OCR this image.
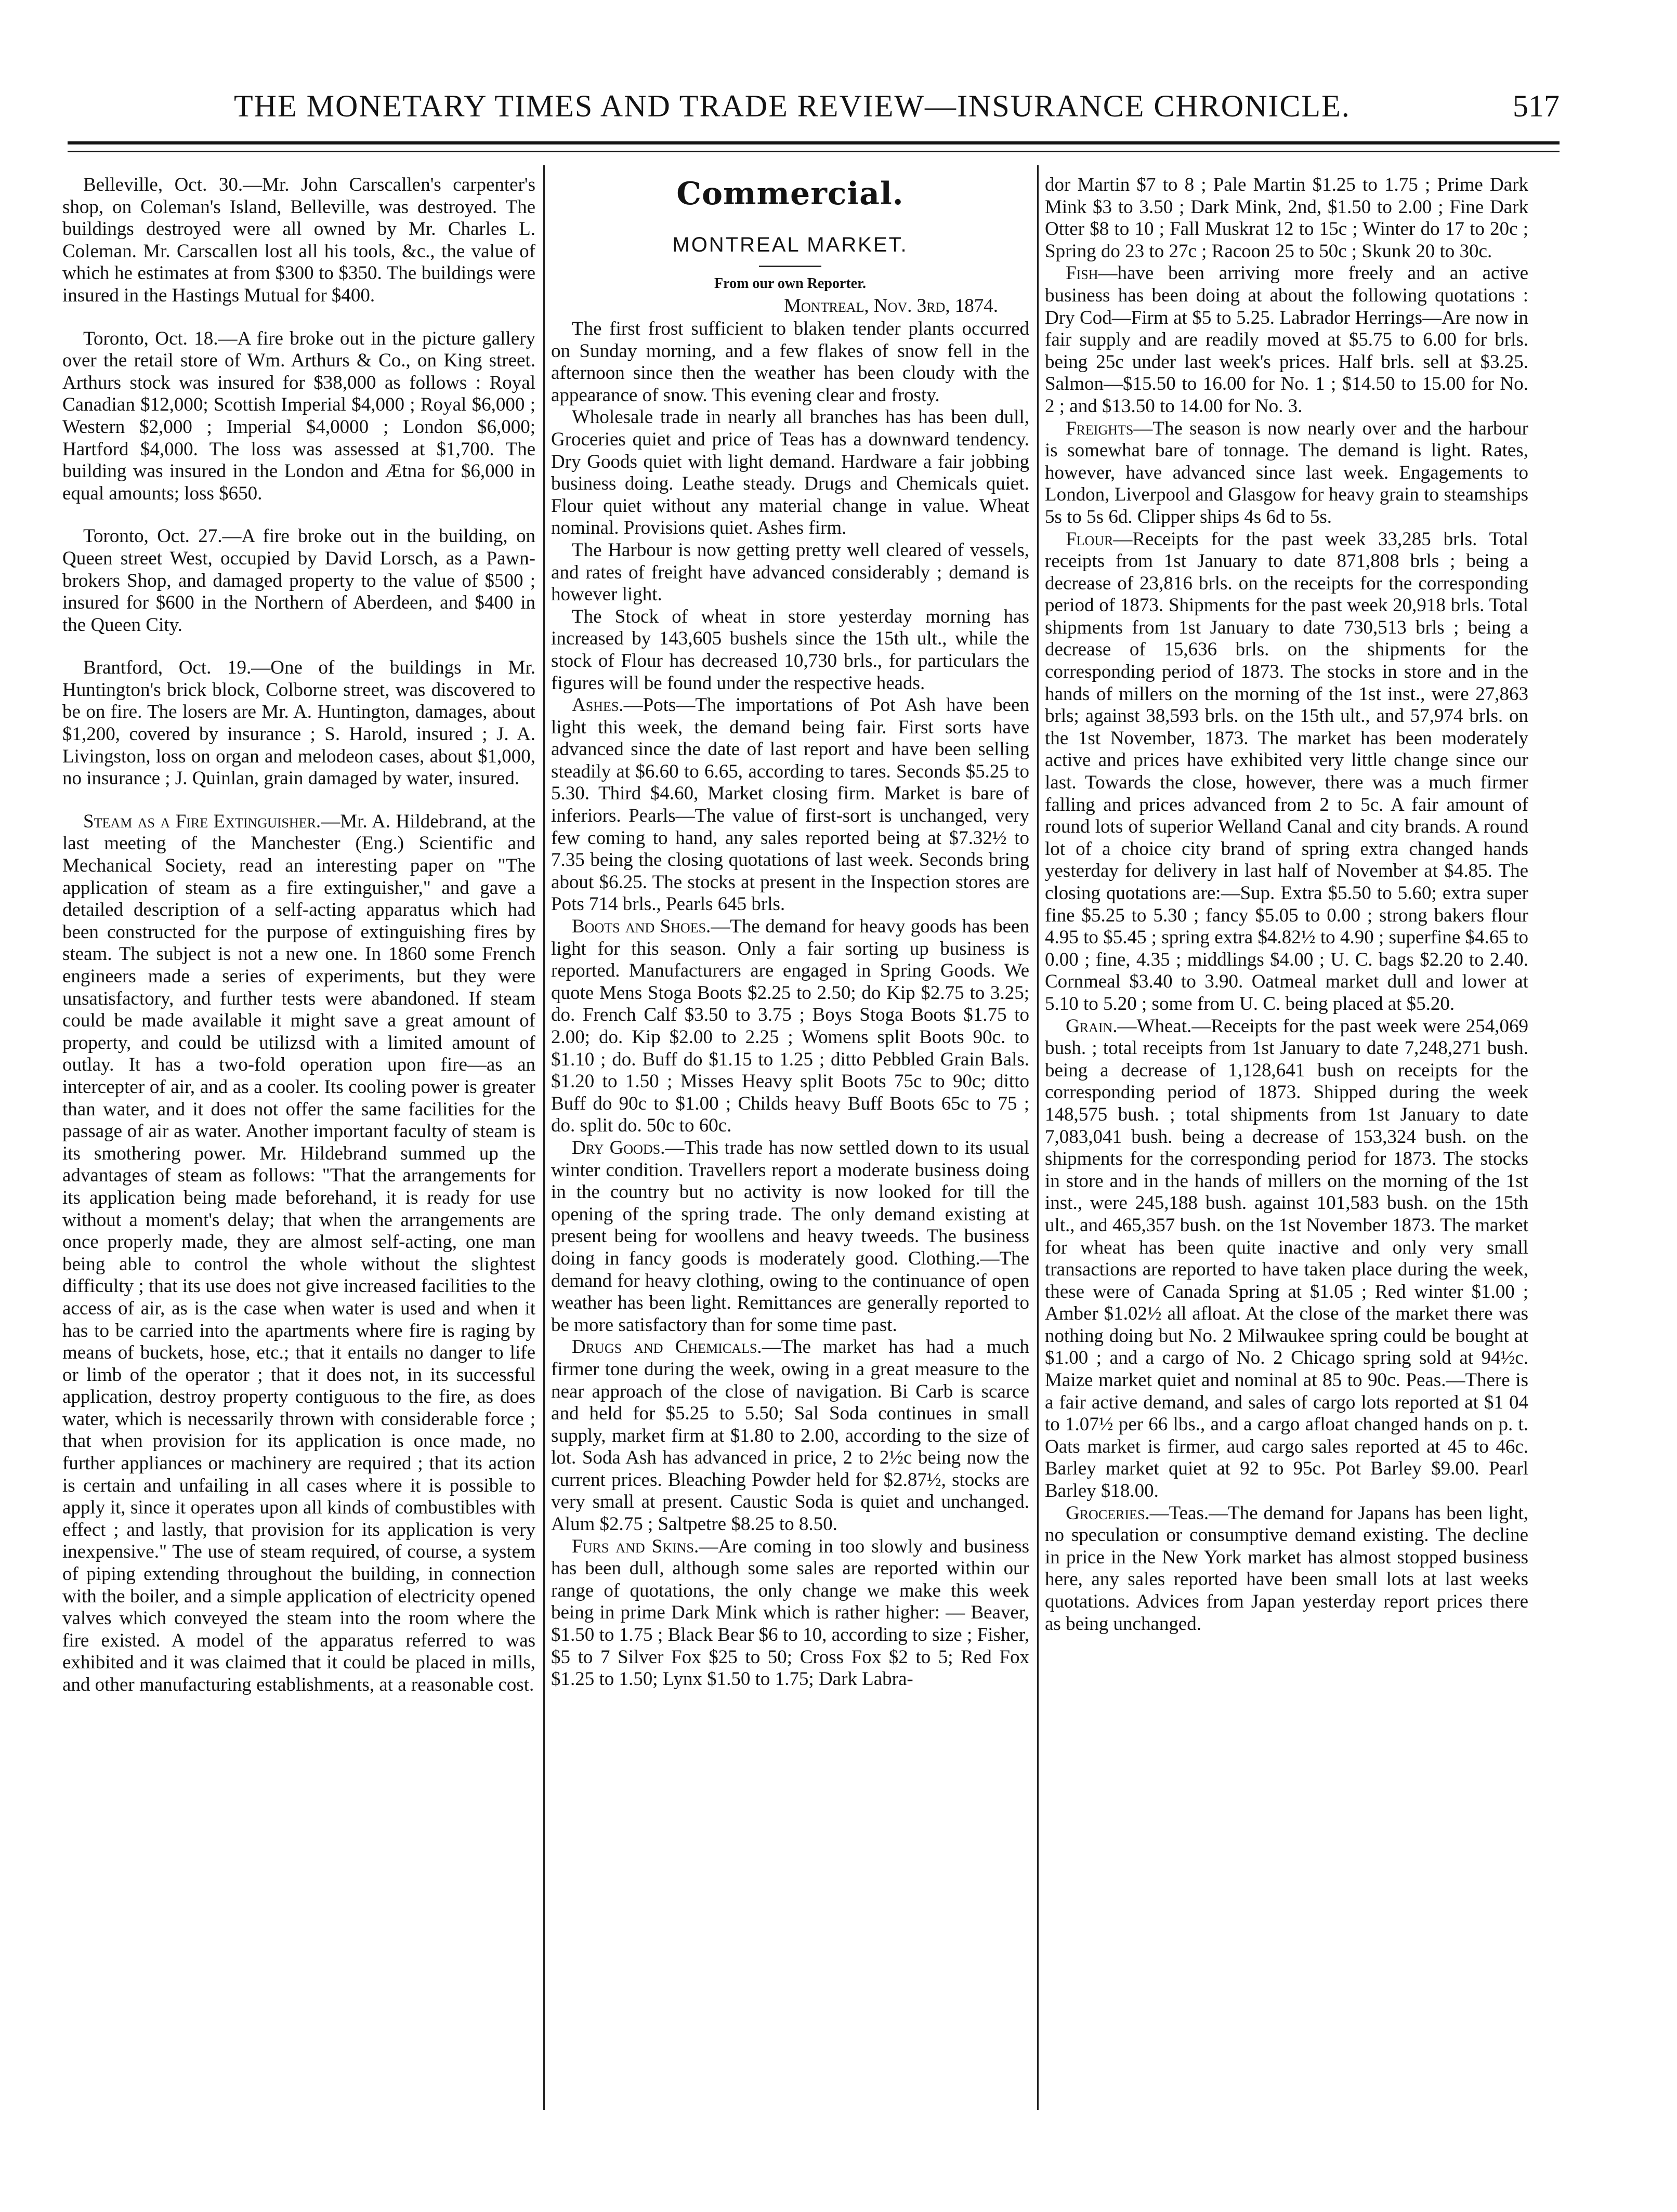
THE MONETARY TIMES AND TRADE REVIEW—INSURANCE CHRONICLE.	517

Belleville, Oct. 30.—Mr. John Carscallen's carpenter's shop, on Coleman's Island, Belleville, was destroyed. The buildings destroyed were all owned by Mr. Charles L. Coleman. Mr. Carscallen lost all his tools, &c., the value of which he estimates at from $300 to $350. The buildings were insured in the Hastings Mutual for $400.

Toronto, Oct. 18.—A fire broke out in the picture gallery over the retail store of Wm. Arthurs & Co., on King street. Arthurs stock was insured for $38,000 as follows : Royal Canadian $12,000; Scottish Imperial $4,000 ; Royal $6,000 ; Western $2,000 ; Imperial $4,0000 ; London $6,000; Hartford $4,000. The loss was assessed at $1,700. The building was insured in the London and Ætna for $6,000 in equal amounts; loss $650.

Toronto, Oct. 27.—A fire broke out in the building, on Queen street West, occupied by David Lorsch, as a Pawn-brokers Shop, and damaged property to the value of $500 ; insured for $600 in the Northern of Aberdeen, and $400 in the Queen City.

Brantford, Oct. 19.—One of the buildings in Mr. Huntington's brick block, Colborne street, was discovered to be on fire. The losers are Mr. A. Huntington, damages, about $1,200, covered by insurance ; S. Harold, insured ; J. A. Livingston, loss on organ and melodeon cases, about $1,000, no insurance ; J. Quinlan, grain damaged by water, insured.

Steam as a Fire Extinguisher.—Mr. A. Hildebrand, at the last meeting of the Manchester (Eng.) Scientific and Mechanical Society, read an interesting paper on "The application of steam as a fire extinguisher," and gave a detailed description of a self-acting apparatus which had been constructed for the purpose of extinguishing fires by steam. The subject is not a new one. In 1860 some French engineers made a series of experiments, but they were unsatisfactory, and further tests were abandoned. If steam could be made available it might save a great amount of property, and could be utilizsd with a limited amount of outlay. It has a two-fold operation upon fire—as an intercepter of air, and as a cooler. Its cooling power is greater than water, and it does not offer the same facilities for the passage of air as water. Another important faculty of steam is its smothering power. Mr. Hildebrand summed up the advantages of steam as follows: "That the arrangements for its application being made beforehand, it is ready for use without a moment's delay; that when the arrangements are once properly made, they are almost self-acting, one man being able to control the whole without the slightest difficulty ; that its use does not give increased facilities to the access of air, as is the case when water is used and when it has to be carried into the apartments where fire is raging by means of buckets, hose, etc.; that it entails no danger to life or limb of the operator ; that it does not, in its successful application, destroy property contiguous to the fire, as does water, which is necessarily thrown with considerable force ; that when provision for its application is once made, no further appliances or machinery are required ; that its action is certain and unfailing in all cases where it is possible to apply it, since it operates upon all kinds of combustibles with effect ; and lastly, that provision for its application is very inexpensive." The use of steam required, of course, a system of piping extending throughout the building, in connection with the boiler, and a simple application of electricity opened valves which conveyed the steam into the room where the fire existed. A model of the apparatus referred to was exhibited and it was claimed that it could be placed in mills, and other manufacturing establishments, at a reasonable cost.

Commercial.
MONTREAL MARKET.
From our own Reporter.
Montreal, Nov. 3rd, 1874.

The first frost sufficient to blaken tender plants occurred on Sunday morning, and a few flakes of snow fell in the afternoon since then the weather has been cloudy with the appearance of snow. This evening clear and frosty.

Wholesale trade in nearly all branches has has been dull, Groceries quiet and price of Teas has a downward tendency. Dry Goods quiet with light demand. Hardware a fair jobbing business doing. Leathe steady. Drugs and Chemicals quiet. Flour quiet without any material change in value. Wheat nominal. Provisions quiet. Ashes firm.

The Harbour is now getting pretty well cleared of vessels, and rates of freight have advanced considerably ; demand is however light.

The Stock of wheat in store yesterday morning has increased by 143,605 bushels since the 15th ult., while the stock of Flour has decreased 10,730 brls., for particulars the figures will be found under the respective heads.

Ashes.—Pots—The importations of Pot Ash have been light this week, the demand being fair. First sorts have advanced since the date of last report and have been selling steadily at $6.60 to 6.65, according to tares. Seconds $5.25 to 5.30. Third $4.60, Market closing firm. Market is bare of inferiors. Pearls—The value of first-sort is unchanged, very few coming to hand, any sales reported being at $7.32½ to 7.35 being the closing quotations of last week. Seconds bring about $6.25. The stocks at present in the Inspection stores are Pots 714 brls., Pearls 645 brls.

Boots and Shoes.—The demand for heavy goods has been light for this season. Only a fair sorting up business is reported. Manufacturers are engaged in Spring Goods. We quote Mens Stoga Boots $2.25 to 2.50; do Kip $2.75 to 3.25; do. French Calf $3.50 to 3.75 ; Boys Stoga Boots $1.75 to 2.00; do. Kip $2.00 to 2.25 ; Womens split Boots 90c. to $1.10 ; do. Buff do $1.15 to 1.25 ; ditto Pebbled Grain Bals. $1.20 to 1.50 ; Misses Heavy split Boots 75c to 90c; ditto Buff do 90c to $1.00 ; Childs heavy Buff Boots 65c to 75 ; do. split do. 50c to 60c.

Dry Goods.—This trade has now settled down to its usual winter condition. Travellers report a moderate business doing in the country but no activity is now looked for till the opening of the spring trade. The only demand existing at present being for woollens and heavy tweeds. The business doing in fancy goods is moderately good. Clothing.—The demand for heavy clothing, owing to the continuance of open weather has been light. Remittances are generally reported to be more satisfactory than for some time past.

Drugs and Chemicals.—The market has had a much firmer tone during the week, owing in a great measure to the near approach of the close of navigation. Bi Carb is scarce and held for $5.25 to 5.50; Sal Soda continues in small supply, market firm at $1.80 to 2.00, according to the size of lot. Soda Ash has advanced in price, 2 to 2½c being now the current prices. Bleaching Powder held for $2.87½, stocks are very small at present. Caustic Soda is quiet and unchanged. Alum $2.75 ; Saltpetre $8.25 to 8.50.

Furs and Skins.—Are coming in too slowly and business has been dull, although some sales are reported within our range of quotations, the only change we make this week being in prime Dark Mink which is rather higher: — Beaver, $1.50 to 1.75 ; Black Bear $6 to 10, according to size ; Fisher, $5 to 7 Silver Fox $25 to 50; Cross Fox $2 to 5; Red Fox $1.25 to 1.50; Lynx $1.50 to 1.75; Dark Labra-

dor Martin $7 to 8 ; Pale Martin $1.25 to 1.75 ; Prime Dark Mink $3 to 3.50 ; Dark Mink, 2nd, $1.50 to 2.00 ; Fine Dark Otter $8 to 10 ; Fall Muskrat 12 to 15c ; Winter do 17 to 20c ; Spring do 23 to 27c ; Racoon 25 to 50c ; Skunk 20 to 30c.

Fish—have been arriving more freely and an active business has been doing at about the following quotations : Dry Cod—Firm at $5 to 5.25. Labrador Herrings—Are now in fair supply and are readily moved at $5.75 to 6.00 for brls. being 25c under last week's prices. Half brls. sell at $3.25. Salmon—$15.50 to 16.00 for No. 1 ; $14.50 to 15.00 for No. 2 ; and $13.50 to 14.00 for No. 3.

Freights—The season is now nearly over and the harbour is somewhat bare of tonnage. The demand is light. Rates, however, have advanced since last week. Engagements to London, Liverpool and Glasgow for heavy grain to steamships 5s to 5s 6d. Clipper ships 4s 6d to 5s.

Flour—Receipts for the past week 33,285 brls. Total receipts from 1st January to date 871,808 brls ; being a decrease of 23,816 brls. on the receipts for the corresponding period of 1873. Shipments for the past week 20,918 brls. Total shipments from 1st January to date 730,513 brls ; being a decrease of 15,636 brls. on the shipments for the corresponding period of 1873. The stocks in store and in the hands of millers on the morning of the 1st inst., were 27,863 brls; against 38,593 brls. on the 15th ult., and 57,974 brls. on the 1st November, 1873. The market has been moderately active and prices have exhibited very little change since our last. Towards the close, however, there was a much firmer falling and prices advanced from 2 to 5c. A fair amount of round lots of superior Welland Canal and city brands. A round lot of a choice city brand of spring extra changed hands yesterday for delivery in last half of November at $4.85. The closing quotations are:—Sup. Extra $5.50 to 5.60; extra super fine $5.25 to 5.30 ; fancy $5.05 to 0.00 ; strong bakers flour 4.95 to $5.45 ; spring extra $4.82½ to 4.90 ; superfine $4.65 to 0.00 ; fine, 4.35 ; middlings $4.00 ; U. C. bags $2.20 to 2.40. Cornmeal $3.40 to 3.90. Oatmeal market dull and lower at 5.10 to 5.20 ; some from U. C. being placed at $5.20.

Grain.—Wheat.—Receipts for the past week were 254,069 bush. ; total receipts from 1st January to date 7,248,271 bush. being a decrease of 1,128,641 bush on receipts for the corresponding period of 1873. Shipped during the week 148,575 bush. ; total shipments from 1st January to date 7,083,041 bush. being a decrease of 153,324 bush. on the shipments for the corresponding period for 1873. The stocks in store and in the hands of millers on the morning of the 1st inst., were 245,188 bush. against 101,583 bush. on the 15th ult., and 465,357 bush. on the 1st November 1873. The market for wheat has been quite inactive and only very small transactions are reported to have taken place during the week, these were of Canada Spring at $1.05 ; Red winter $1.00 ; Amber $1.02½ all afloat. At the close of the market there was nothing doing but No. 2 Milwaukee spring could be bought at $1.00 ; and a cargo of No. 2 Chicago spring sold at 94½c. Maize market quiet and nominal at 85 to 90c. Peas.—There is a fair active demand, and sales of cargo lots reported at $1 04 to 1.07½ per 66 lbs., and a cargo afloat changed hands on p. t. Oats market is firmer, aud cargo sales reported at 45 to 46c. Barley market quiet at 92 to 95c. Pot Barley $9.00. Pearl Barley $18.00.

Groceries.—Teas.—The demand for Japans has been light, no speculation or consumptive demand existing. The decline in price in the New York market has almost stopped business here, any sales reported have been small lots at last weeks quotations. Advices from Japan yesterday report prices there as being unchanged.
